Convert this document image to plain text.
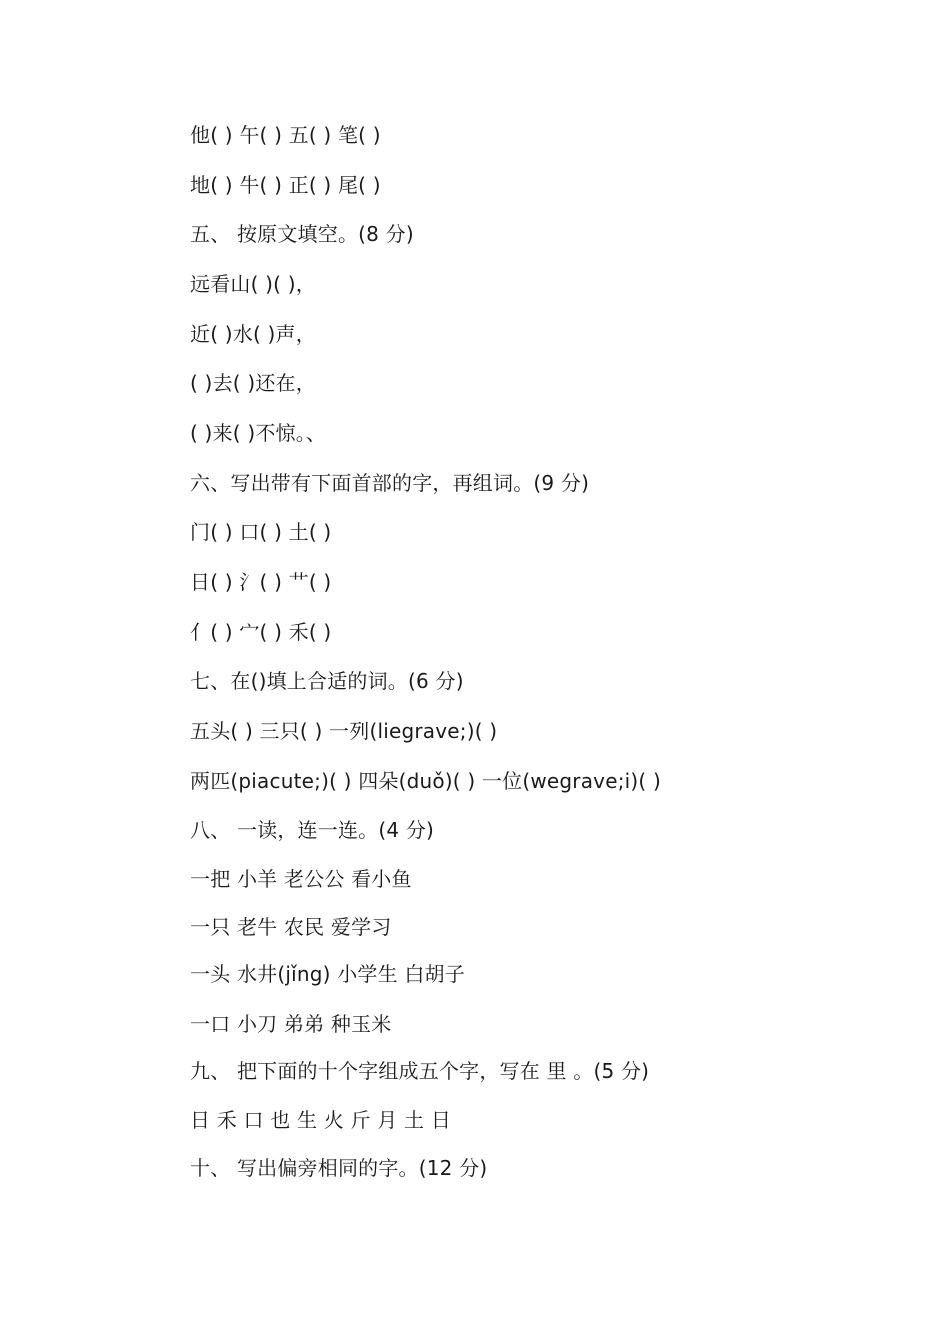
他( ) 午( ) 五( ) 笔( )
地( ) 牛( ) 正( ) 尾( )
五、 按原文填空。(8 分)
远看山( )( )，
近( )水( )声，
( )去( )还在，
( )来( )不惊。、
六、写出带有下面首部的字，再组词。(9 分)
门( ) 口( ) 土( )
日( ) 氵( ) 艹( )
亻( ) 宀( ) 禾( )
七、在()填上合适的词。(6 分)
五头( ) 三只( ) 一列(liegrave;)( )
两匹(piacute;)( ) 四朵(duǒ)( ) 一位(wegrave;i)( )
八、 一读，连一连。(4 分)
一把 小羊 老公公 看小鱼
一只 老牛 农民 爱学习
一头 水井(jǐng) 小学生 白胡子
一口 小刀 弟弟 种玉米
九、 把下面的十个字组成五个字，写在 里 。(5 分)
日 禾 口 也 生 火 斤 月 土 日
十、 写出偏旁相同的字。(12 分)
